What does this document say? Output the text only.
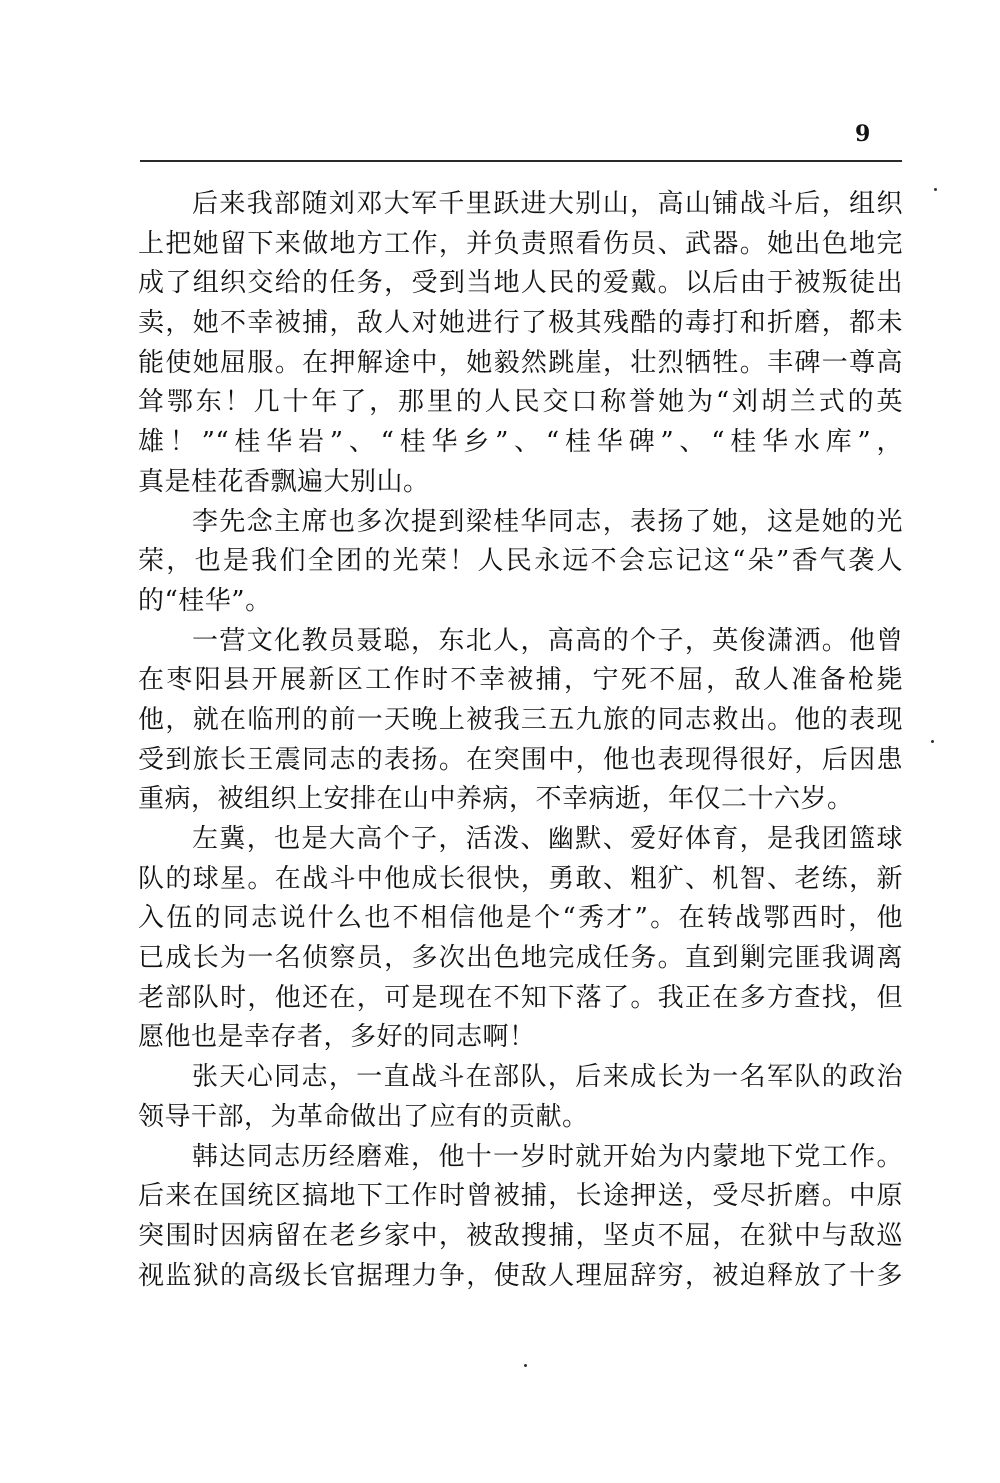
9
后来我部随刘邓大军千里跃进大别山，高山铺战斗后，组织
上把她留下来做地方工作，并负责照看伤员、武器。她出色地完
成了组织交给的任务，受到当地人民的爱戴。以后由于被叛徒出
卖，她不幸被捕，敌人对她进行了极其残酷的毒打和折磨，都未
能使她屈服。在押解途中，她毅然跳崖，壮烈牺牲。丰碑一尊高
耸鄂东！几十年了，那里的人民交口称誉她为“刘胡兰式的英
雄！”“桂华岩”、“桂华乡”、“桂华碑”、“桂华水库”，
真是桂花香飘遍大别山。
李先念主席也多次提到梁桂华同志，表扬了她，这是她的光
荣，也是我们全团的光荣！人民永远不会忘记这“朵”香气袭人
的“桂华”。
一营文化教员聂聪，东北人，高高的个子，英俊潇洒。他曾
在枣阳县开展新区工作时不幸被捕，宁死不屈，敌人准备枪毙
他，就在临刑的前一天晚上被我三五九旅的同志救出。他的表现
受到旅长王震同志的表扬。在突围中，他也表现得很好，后因患
重病，被组织上安排在山中养病，不幸病逝，年仅二十六岁。
左冀，也是大高个子，活泼、幽默、爱好体育，是我团篮球
队的球星。在战斗中他成长很快，勇敢、粗犷、机智、老练，新
入伍的同志说什么也不相信他是个“秀才”。在转战鄂西时，他
已成长为一名侦察员，多次出色地完成任务。直到剿完匪我调离
老部队时，他还在，可是现在不知下落了。我正在多方查找，但
愿他也是幸存者，多好的同志啊！
张天心同志，一直战斗在部队，后来成长为一名军队的政治
领导干部，为革命做出了应有的贡献。
韩达同志历经磨难，他十一岁时就开始为内蒙地下党工作。
后来在国统区搞地下工作时曾被捕，长途押送，受尽折磨。中原
突围时因病留在老乡家中，被敌搜捕，坚贞不屈，在狱中与敌巡
视监狱的高级长官据理力争，使敌人理屈辞穷，被迫释放了十多
